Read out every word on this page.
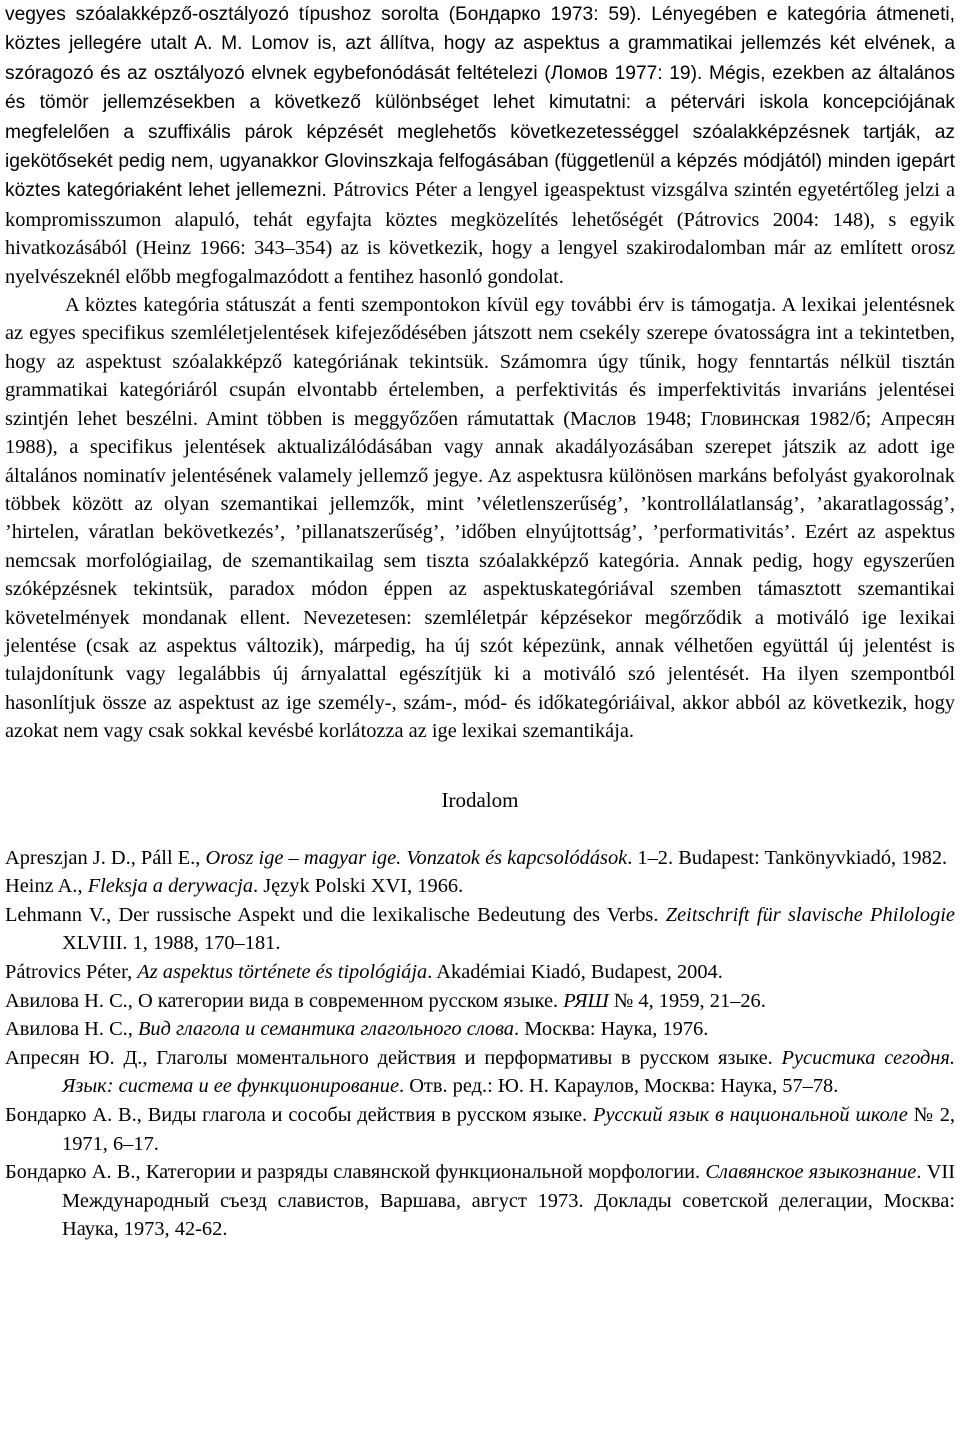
vegyes szóalakképző-osztályozó típushoz sorolta (Бондарко 1973: 59). Lényegében e kategória átmeneti, köztes jellegére utalt A. M. Lomov is, azt állítva, hogy az aspektus a grammatikai jellemzés két elvének, a szóragozó és az osztályozó elvnek egybefonódását feltételezi (Ломов 1977: 19). Mégis, ezekben az általános és tömör jellemzésekben a következő különbséget lehet kimutatni: a pétervári iskola koncepciójának megfelelően a szuffixális párok képzését meglehetős következetességgel szóalakképzésnek tartják, az igekötősekét pedig nem, ugyanakkor Glovinszkaja felfogásában (függetlenül a képzés módjától) minden igepárt köztes kategóriaként lehet jellemezni. Pátrovics Péter a lengyel igeaspektust vizsgálva szintén egyetértőleg jelzi a kompromisszumon alapuló, tehát egyfajta köztes megközelítés lehetőségét (Pátrovics 2004: 148), s egyik hivatkozásából (Heinz 1966: 343–354) az is következik, hogy a lengyel szakirodalomban már az említett orosz nyelvészeknél előbb megfogalmazódott a fentihez hasonló gondolat.

A köztes kategória státuszát a fenti szempontokon kívül egy további érv is támogatja. A lexikai jelentésnek az egyes specifikus szemléletjelentések kifejeződésében játszott nem csekély szerepe óvatosságra int a tekintetben, hogy az aspektust szóalakképző kategóriának tekintsük. Számomra úgy tűnik, hogy fenntartás nélkül tisztán grammatikai kategóriáról csupán elvontabb értelemben, a perfektivitás és imperfektivitás invariáns jelentései szintjén lehet beszélni. Amint többen is meggyőzően rámutattak (Маслов 1948; Гловинская 1982/б; Апресян 1988), a specifikus jelentések aktualizálódásában vagy annak akadályozásában szerepet játszik az adott ige általános nominatív jelentésének valamely jellemző jegye. Az aspektusra különösen markáns befolyást gyakorolnak többek között az olyan szemantikai jellemzők, mint ’véletlenszerűség’, ’kontrollálatlanság’, ’akaratlagosság’, ’hirtelen, váratlan bekövetkezés’, ’pillanatszerűség’, ’időben elnyújtottság’, ’performativitás’. Ezért az aspektus nemcsak morfológiailag, de szemantikailag sem tiszta szóalakképző kategória. Annak pedig, hogy egyszerűen szóképzésnek tekintsük, paradox módon éppen az aspektuskategóriával szemben támasztott szemantikai követelmények mondanak ellent. Nevezetesen: szemléletpár képzésekor megőrződik a motiváló ige lexikai jelentése (csak az aspektus változik), márpedig, ha új szót képezünk, annak vélhetően együttál új jelentést is tulajdonítunk vagy legalábbis új árnyalattal egészítjük ki a motiváló szó jelentését. Ha ilyen szempontból hasonlítjuk össze az aspektust az ige személy-, szám-, mód- és időkategóriáival, akkor abból az következik, hogy azokat nem vagy csak sokkal kevésbé korlátozza az ige lexikai szemantikája.

Irodalom
Apreszjan J. D., Páll E., Orosz ige – magyar ige. Vonzatok és kapcsolódások. 1–2. Budapest: Tankönyvkiadó, 1982.
Heinz A., Fleksja a derywacja. Język Polski XVI, 1966.
Lehmann V., Der russische Aspekt und die lexikalische Bedeutung des Verbs. Zeitschrift für slavische Philologie XLVIII. 1, 1988, 170–181.
Pátrovics Péter, Az aspektus története és tipológiája. Akadémiai Kiadó, Budapest, 2004.
Авилова Н. С., О категории вида в современном русском языке. РЯШ № 4, 1959, 21–26.
Авилова Н. С., Вид глагола и семантика глагольного слова. Москва: Наука, 1976.
Апресян Ю. Д., Глаголы моментального действия и перформативы в русском языке. Русистика сегодня. Язык: система и ее функционирование. Отв. ред.: Ю. Н. Караулов, Москва: Наука, 57–78.
Бондарко А. В., Виды глагола и сособы действия в русском языке. Русский язык в национальной школе № 2, 1971, 6–17.
Бондарко А. В., Категории и разряды славянской функциональной морфологии. Славянское языкознание. VII Международный съезд славистов, Варшава, август 1973. Доклады советской делегации, Москва: Наука, 1973, 42-62.
